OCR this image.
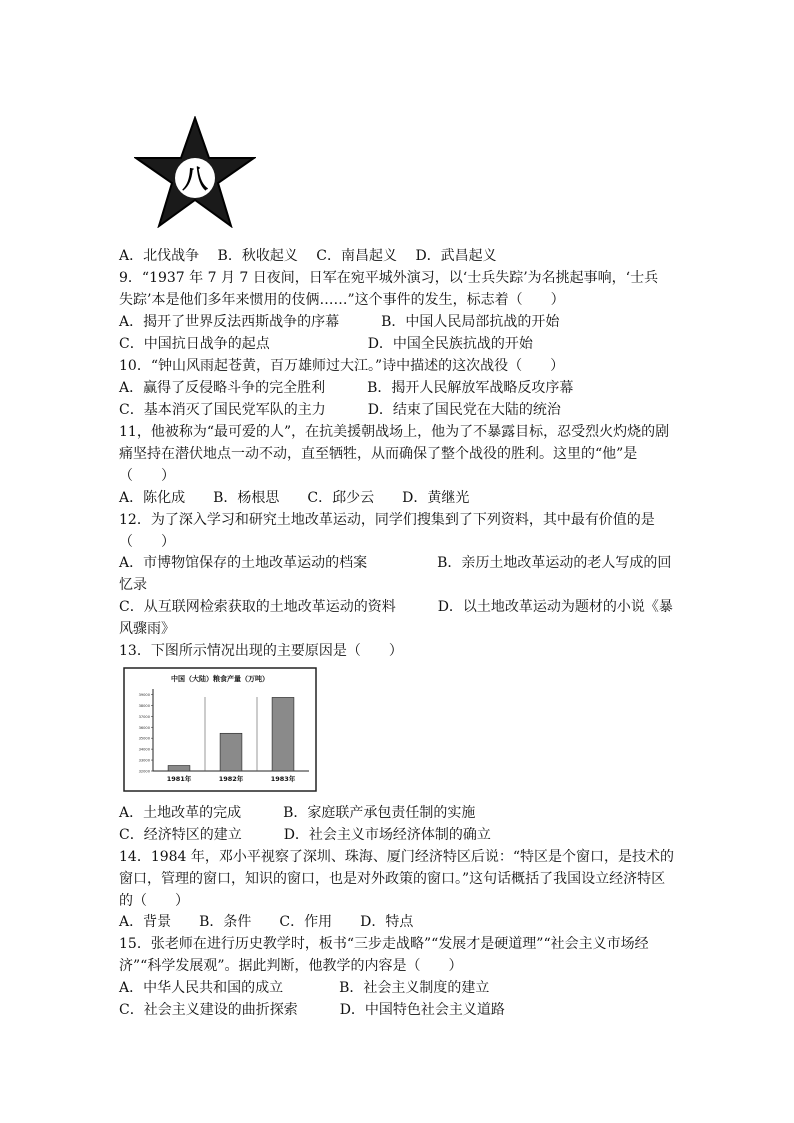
八
A．北伐战争　 B．秋收起义　 C．南昌起义　 D．武昌起义
9．“1937 年 7 月 7 日夜间，日军在宛平城外演习，以‘士兵失踪’为名挑起事响，‘士兵
失踪’本是他们多年来惯用的伎俩……”这个事件的发生，标志着（　　）
A．揭开了世界反法西斯战争的序幕　　　B．中国人民局部抗战的开始
C．中国抗日战争的起点　　　　　　　D．中国全民族抗战的开始
10．“钟山风雨起苍黄，百万雄师过大江。”诗中描述的这次战役（　　）
A．赢得了反侵略斗争的完全胜利　　　B．揭开人民解放军战略反攻序幕
C．基本消灭了国民党军队的主力　　　D．结束了国民党在大陆的统治
11，他被称为“最可爱的人”，在抗美援朝战场上，他为了不暴露目标，忍受烈火灼烧的剧
痛坚持在潜伏地点一动不动，直至牺牲，从而确保了整个战役的胜利。这里的“他”是
（　　）
A．陈化成　　B．杨根思　　C．邱少云　　D．黄继光
12．为了深入学习和研究土地改革运动，同学们搜集到了下列资料，其中最有价值的是
（　　）
A．市博物馆保存的土地改革运动的档案　　　　　B．亲历土地改革运动的老人写成的回
忆录
C．从互联网检索获取的土地改革运动的资料　　　D．以土地改革运动为题材的小说《暴
风骤雨》
13．下图所示情况出现的主要原因是（　　）
中国（大陆）粮食产量（万吨）
32000
33000
34000
35000
36000
37000
38000
39000
1981年	1982年	1983年
A．土地改革的完成　　　B．家庭联产承包责任制的实施
C．经济特区的建立　　　D．社会主义市场经济体制的确立
14．1984 年，邓小平视察了深圳、珠海、厦门经济特区后说：“特区是个窗口，是技术的
窗口，管理的窗口，知识的窗口，也是对外政策的窗口。”这句话概括了我国设立经济特区
的（　　）
A．背景　　B．条件　　C．作用　　D．特点
15．张老师在进行历史教学时，板书“三步走战略”“发展才是硬道理”“社会主义市场经
济”“科学发展观”。据此判断，他教学的内容是（　　）
A．中华人民共和国的成立　　　　B．社会主义制度的建立
C．社会主义建设的曲折探索　　　D．中国特色社会主义道路
